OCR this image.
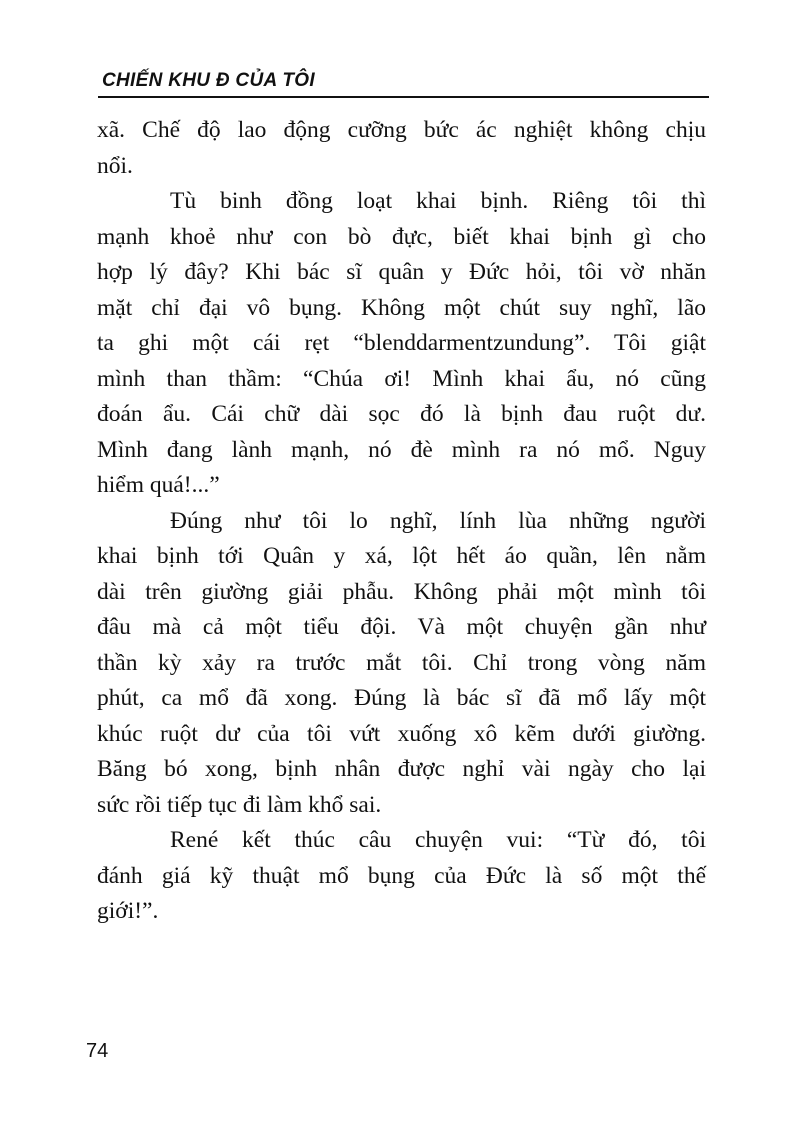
CHIẾN KHU Đ CỦA TÔI

xã. Chế độ lao động cưỡng bức ác nghiệt không chịu
nổi.

Tù binh đồng loạt khai bịnh. Riêng tôi thì
mạnh khoẻ như con bò đực, biết khai bịnh gì cho
hợp lý đây? Khi bác sĩ quân y Đức hỏi, tôi vờ nhăn
mặt chỉ đại vô bụng. Không một chút suy nghĩ, lão
ta ghi một cái rẹt “blenddarmentzundung”. Tôi giật
mình than thầm: “Chúa ơi! Mình khai ẩu, nó cũng
đoán ẩu. Cái chữ dài sọc đó là bịnh đau ruột dư.
Mình đang lành mạnh, nó đè mình ra nó mổ. Nguy
hiểm quá!...”

Đúng như tôi lo nghĩ, lính lùa những người
khai bịnh tới Quân y xá, lột hết áo quần, lên nằm
dài trên giường giải phẫu. Không phải một mình tôi
đâu mà cả một tiểu đội. Và một chuyện gần như
thần kỳ xảy ra trước mắt tôi. Chỉ trong vòng năm
phút, ca mổ đã xong. Đúng là bác sĩ đã mổ lấy một
khúc ruột dư của tôi vứt xuống xô kẽm dưới giường.
Băng bó xong, bịnh nhân được nghỉ vài ngày cho lại
sức rồi tiếp tục đi làm khổ sai.

René kết thúc câu chuyện vui: “Từ đó, tôi
đánh giá kỹ thuật mổ bụng của Đức là số một thế
giới!”.

74
